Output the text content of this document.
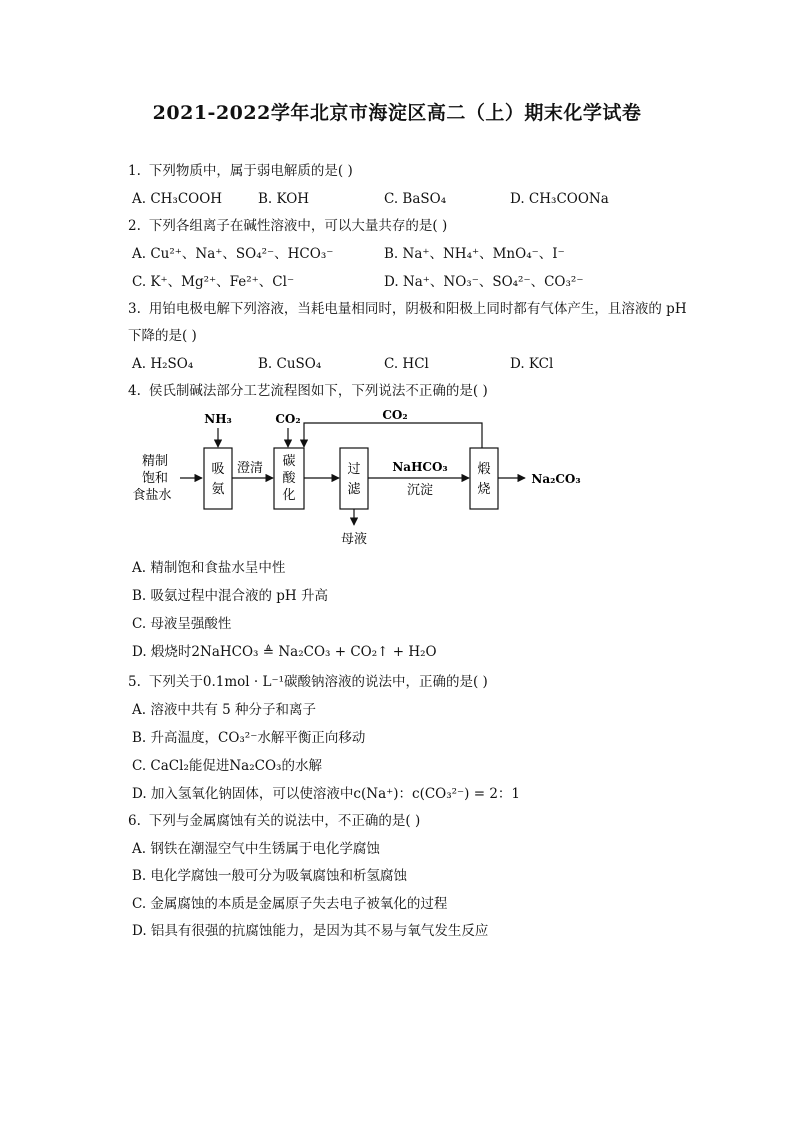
2021-2022学年北京市海淀区高二（上）期末化学试卷
1. 下列物质中，属于弱电解质的是( )
A. CH₃COOH	B. KOH	C. BaSO₄	D. CH₃COONa
2. 下列各组离子在碱性溶液中，可以大量共存的是( )
A. Cu²⁺、Na⁺、SO₄²⁻、HCO₃⁻	B. Na⁺、NH₄⁺、MnO₄⁻、I⁻
C. K⁺、Mg²⁺、Fe²⁺、Cl⁻	D. Na⁺、NO₃⁻、SO₄²⁻、CO₃²⁻
3. 用铂电极电解下列溶液，当耗电量相同时，阴极和阳极上同时都有气体产生，且溶液的 pH
下降的是( )
A. H₂SO₄	B. CuSO₄	C. HCl	D. KCl
4. 侯氏制碱法部分工艺流程图如下，下列说法不正确的是( )
精制
饱和
食盐水
NH₃
吸
氨
澄清
CO₂
碳
酸
化
CO₂
过
滤
母液
NaHCO₃
沉淀
煅
烧
Na₂CO₃
A. 精制饱和食盐水呈中性
B. 吸氨过程中混合液的 pH 升高
C. 母液呈强酸性
D. 煅烧时2NaHCO₃ ≜ Na₂CO₃ + CO₂↑ + H₂O
5. 下列关于0.1mol · L⁻¹碳酸钠溶液的说法中，正确的是( )
A. 溶液中共有 5 种分子和离子
B. 升高温度，CO₃²⁻水解平衡正向移动
C. CaCl₂能促进Na₂CO₃的水解
D. 加入氢氧化钠固体，可以使溶液中c(Na⁺)：c(CO₃²⁻) = 2：1
6. 下列与金属腐蚀有关的说法中，不正确的是( )
A. 钢铁在潮湿空气中生锈属于电化学腐蚀
B. 电化学腐蚀一般可分为吸氧腐蚀和析氢腐蚀
C. 金属腐蚀的本质是金属原子失去电子被氧化的过程
D. 铝具有很强的抗腐蚀能力，是因为其不易与氧气发生反应
